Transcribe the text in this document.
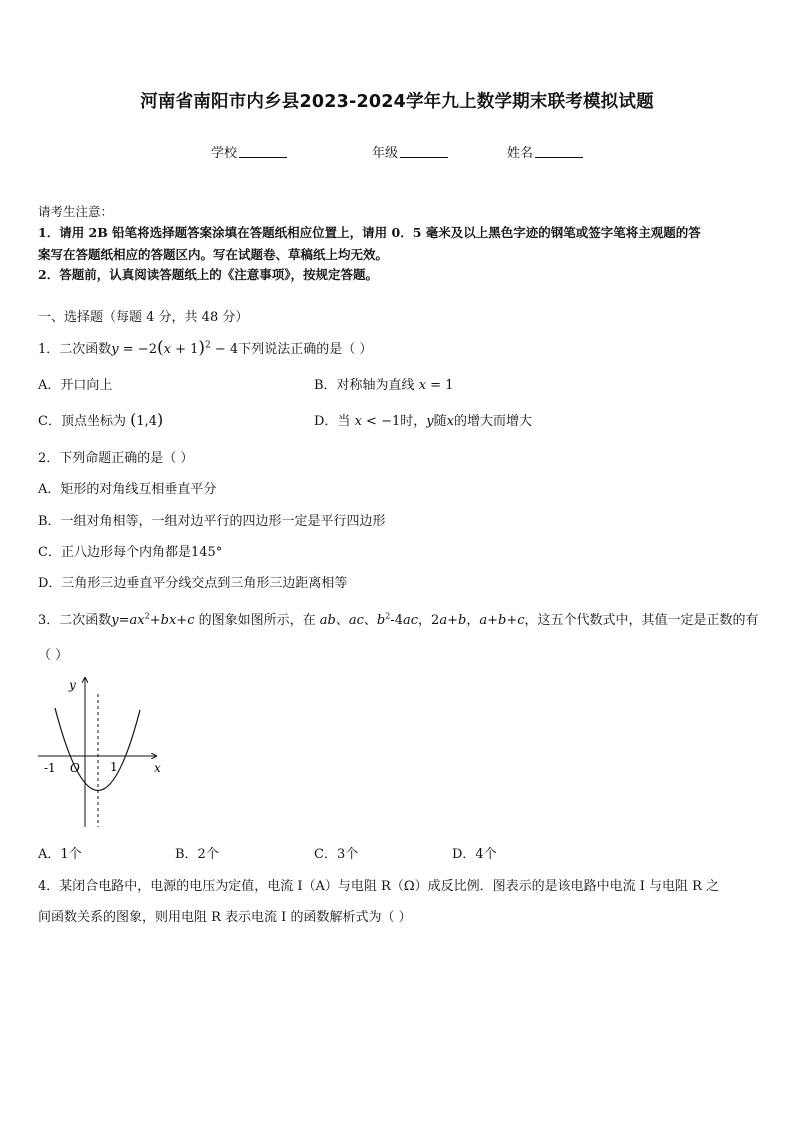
河南省南阳市内乡县2023-2024学年九上数学期末联考模拟试题
学校	年级	姓名
请考生注意：
1．请用 2B 铅笔将选择题答案涂填在答题纸相应位置上，请用 0．5 毫米及以上黑色字迹的钢笔或签字笔将主观题的答
案写在答题纸相应的答题区内。写在试题卷、草稿纸上均无效。
2．答题前，认真阅读答题纸上的《注意事项》，按规定答题。
一、选择题（每题 4 分，共 48 分）
1．二次函数$y = -2(x + 1)^2 - 4$下列说法正确的是（ ）
A．开口向上	B．对称轴为直线 x = 1
C．顶点坐标为 (1,4)	D．当 x < −1时，y随x的增大而增大
2．下列命题正确的是（ ）
A．矩形的对角线互相垂直平分
B．一组对角相等，一组对边平行的四边形一定是平行四边形
C．正八边形每个内角都是145°
D．三角形三边垂直平分线交点到三角形三边距离相等
3．二次函数$y=ax^2+bx+c$ 的图象如图所示，在 ab、ac、$b^2-4ac$，2a+b，a+b+c，这五个代数式中，其值一定是正数的有
（ ）
y
x
O
-1	1
A．1个	B．2个	C．3个	D．4个
4．某闭合电路中，电源的电压为定值，电流 I（A）与电阻 R（Ω）成反比例．图表示的是该电路中电流 I 与电阻 R 之
间函数关系的图象，则用电阻 R 表示电流 I 的函数解析式为（ ）
